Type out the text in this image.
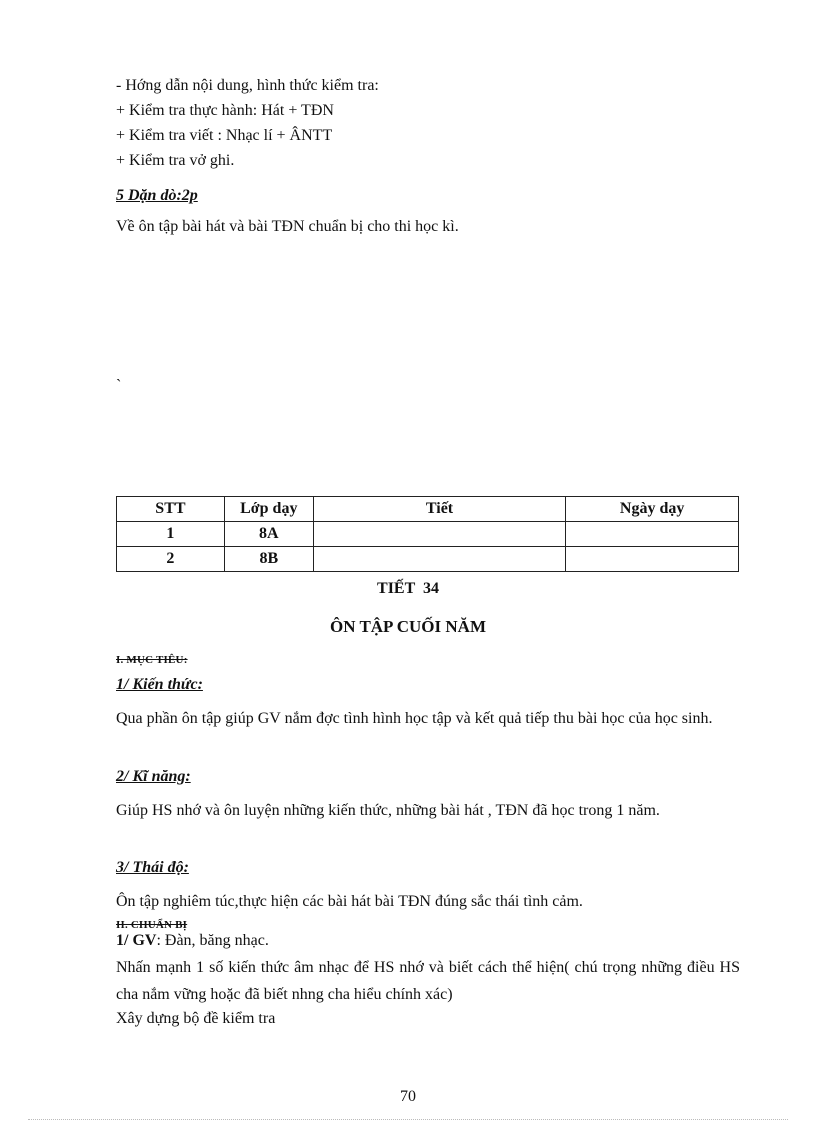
- Hớng dẫn nội dung, hình thức kiểm tra:
+ Kiểm tra thực hành: Hát + TĐN
+ Kiểm tra viết : Nhạc lí + ÂNTT
+ Kiểm tra vở ghi.
5 Dặn dò:2p
Về ôn tập bài hát và bài TĐN chuẩn bị cho thi học kì.
`
STT	Lớp dạy	Tiết	Ngày dạy
1	8A		
2	8B		
TIẾT  34
ÔN TẬP CUỐI NĂM
I. MỤC TIÊU:
1/ Kiến thức:
Qua phần ôn tập giúp GV nắm đợc tình hình học tập và kết quả tiếp thu bài học của học sinh.
2/ Kĩ năng:
Giúp HS nhớ và ôn luyện những kiến thức, những bài hát , TĐN đã học trong 1 năm.
3/ Thái độ:
Ôn tập nghiêm túc,thực hiện các bài hát bài TĐN đúng sắc thái tình cảm.
II. CHUẨN BỊ
1/ GV: Đàn, băng nhạc.
Nhấn mạnh 1 số kiến thức âm nhạc để HS nhớ và biết cách thể hiện( chú trọng những điều HS cha nắm vững hoặc đã biết nhng cha hiểu chính xác)
Xây dựng bộ đề kiểm tra
70
